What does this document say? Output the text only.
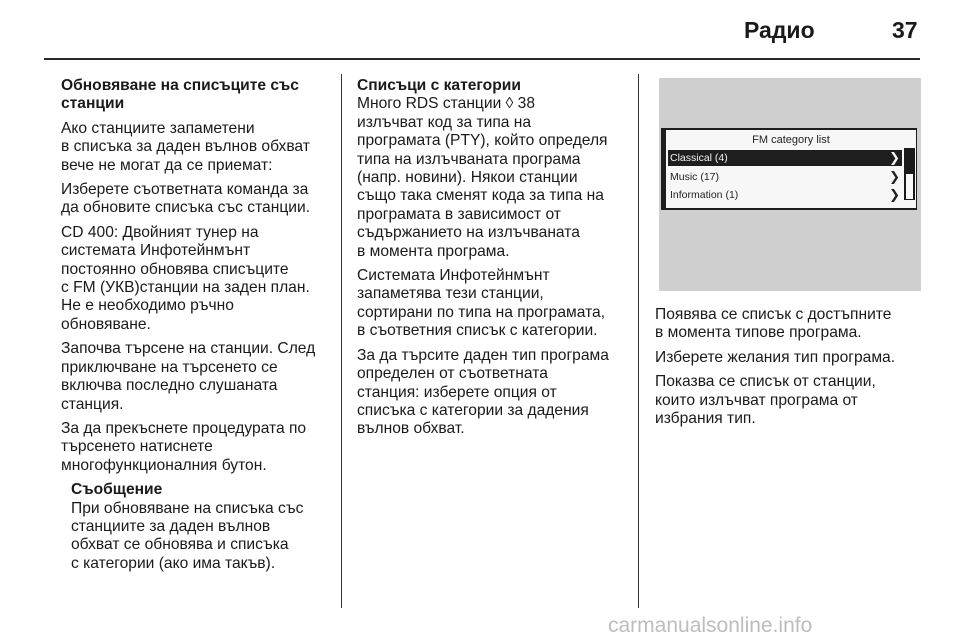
Радио	37
Обновяване на списъците със
станции

Ако станциите запаметени
в списъка за даден вълнов обхват
вече не могат да се приемат:

Изберете съответната команда за
да обновите списъка със станции.

CD 400: Двойният тунер на
системата Инфотейнмънт
постоянно обновява списъците
с FM (УКВ)станции на заден план.
Не е необходимо ръчно
обновяване.

Започва търсене на станции. След
приключване на търсенето се
включва последно слушаната
станция.

За да прекъснете процедурата по
търсенето натиснете
многофункционалния бутон.

Съобщение
При обновяване на списъка със
станциите за даден вълнов
обхват се обновява и списъка
с категории (ако има такъв).
Списъци с категории

Много RDS станции ◊ 38
излъчват код за типа на
програмата (PTY), който определя
типа на излъчваната програма
(напр. новини). Някои станции
също така сменят кода за типа на
програмата в зависимост от
съдържанието на излъчваната
в момента програма.

Системата Инфотейнмънт
запаметява тези станции,
сортирани по типа на програмата,
в съответния списък с категории.

За да търсите даден тип програма
определен от съответната
станция: изберете опция от
списъка с категории за дадения
вълнов обхват.

FM category list
Classical (4)	❯
Music (17)	❯
Information (1)	❯

Появява се списък с достъпните
в момента типове програма.

Изберете желания тип програма.

Показва се списък от станции,
които излъчват програма от
избрания тип.

carmanualsonline.info
